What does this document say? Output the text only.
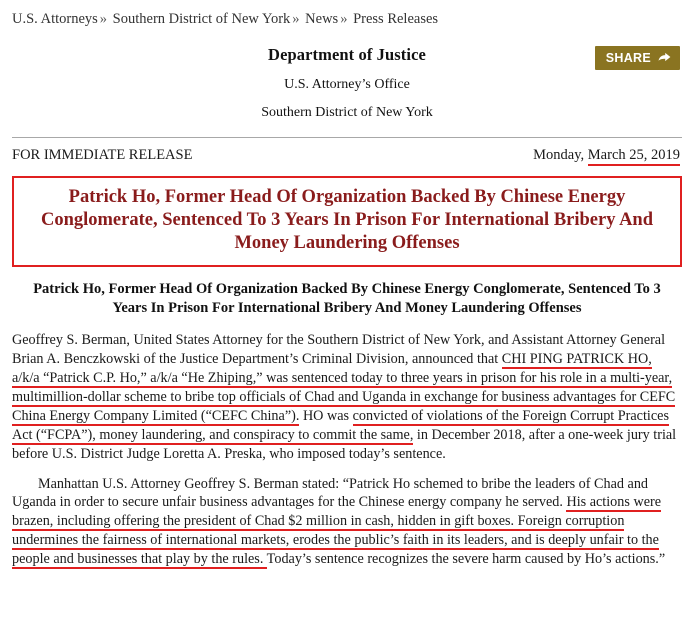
U.S. Attorneys » Southern District of New York » News » Press Releases
Department of Justice
U.S. Attorney’s Office
Southern District of New York
SHARE
FOR IMMEDIATE RELEASE	Monday, March 25, 2019
Patrick Ho, Former Head Of Organization Backed By Chinese Energy Conglomerate, Sentenced To 3 Years In Prison For International Bribery And Money Laundering Offenses
Patrick Ho, Former Head Of Organization Backed By Chinese Energy Conglomerate, Sentenced To 3 Years In Prison For International Bribery And Money Laundering Offenses

Geoffrey S. Berman, United States Attorney for the Southern District of New York, and Assistant Attorney General Brian A. Benczkowski of the Justice Department’s Criminal Division, announced that CHI PING PATRICK HO, a/k/a “Patrick C.P. Ho,” a/k/a “He Zhiping,” was sentenced today to three years in prison for his role in a multi-year, multimillion-dollar scheme to bribe top officials of Chad and Uganda in exchange for business advantages for CEFC China Energy Company Limited (“CEFC China”). HO was convicted of violations of the Foreign Corrupt Practices Act (“FCPA”), money laundering, and conspiracy to commit the same, in December 2018, after a one-week jury trial before U.S. District Judge Loretta A. Preska, who imposed today’s sentence.

Manhattan U.S. Attorney Geoffrey S. Berman stated: “Patrick Ho schemed to bribe the leaders of Chad and Uganda in order to secure unfair business advantages for the Chinese energy company he served. His actions were brazen, including offering the president of Chad $2 million in cash, hidden in gift boxes. Foreign corruption undermines the fairness of international markets, erodes the public’s faith in its leaders, and is deeply unfair to the people and businesses that play by the rules. Today’s sentence recognizes the severe harm caused by Ho’s actions.”
